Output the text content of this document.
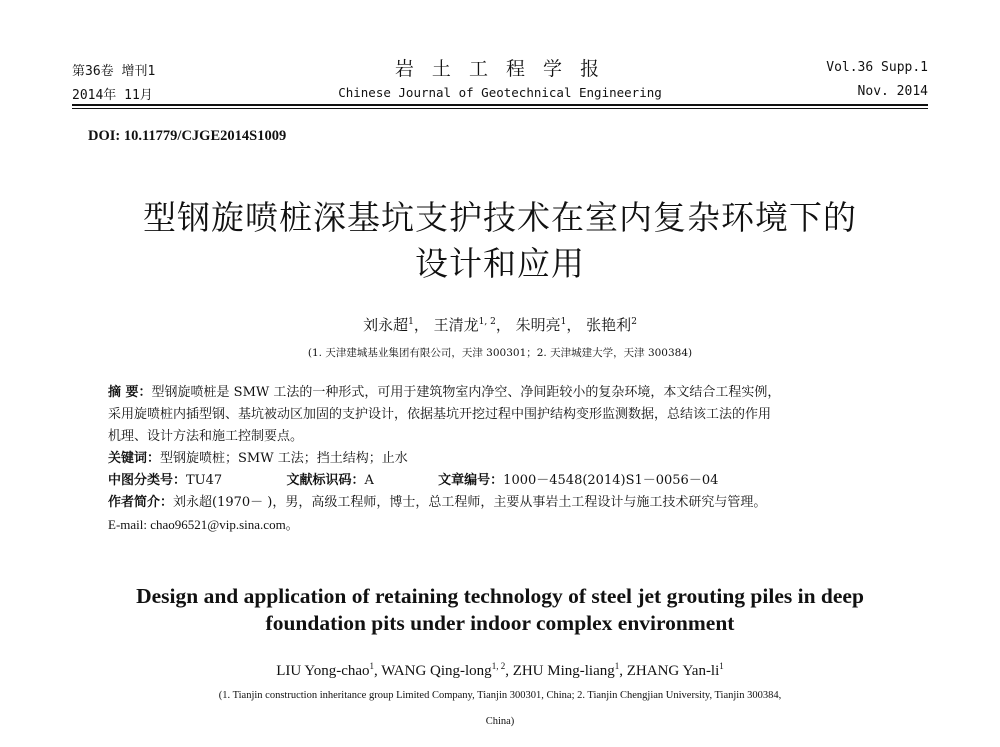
第36卷 增刊1
2014年 11月
岩 土 工 程 学 报
Chinese Journal of Geotechnical Engineering
Vol.36 Supp.1
Nov. 2014
DOI: 10.11779/CJGE2014S1009
型钢旋喷桩深基坑支护技术在室内复杂环境下的
设计和应用
刘永超$^1$， 王清龙$^{1, 2}$， 朱明亮$^1$， 张艳利$^2$
(1. 天津建城基业集团有限公司，天津 300301；2. 天津城建大学，天津 300384)
摘 要：型钢旋喷桩是 SMW 工法的一种形式，可用于建筑物室内净空、净间距较小的复杂环境，本文结合工程实例，
采用旋喷桩内插型钢、基坑被动区加固的支护设计，依据基坑开挖过程中围护结构变形监测数据，总结该工法的作用
机理、设计方法和施工控制要点。
关键词：型钢旋喷桩；SMW 工法；挡土结构；止水
中图分类号：TU47	文献标识码：A	文章编号：1000－4548(2014)S1－0056－04
作者简介：刘永超(1970－ )，男，高级工程师，博士，总工程师，主要从事岩土工程设计与施工技术研究与管理。
E-mail: chao96521@vip.sina.com。
Design and application of retaining technology of steel jet grouting piles in deep
foundation pits under indoor complex environment
LIU Yong-chao$^1$, WANG Qing-long$^{1, 2}$, ZHU Ming-liang$^1$, ZHANG Yan-$li^1$
(1. Tianjin construction inheritance group Limited Company, Tianjin 300301, China; 2. Tianjin Chengjian University, Tianjin 300384,
China)
